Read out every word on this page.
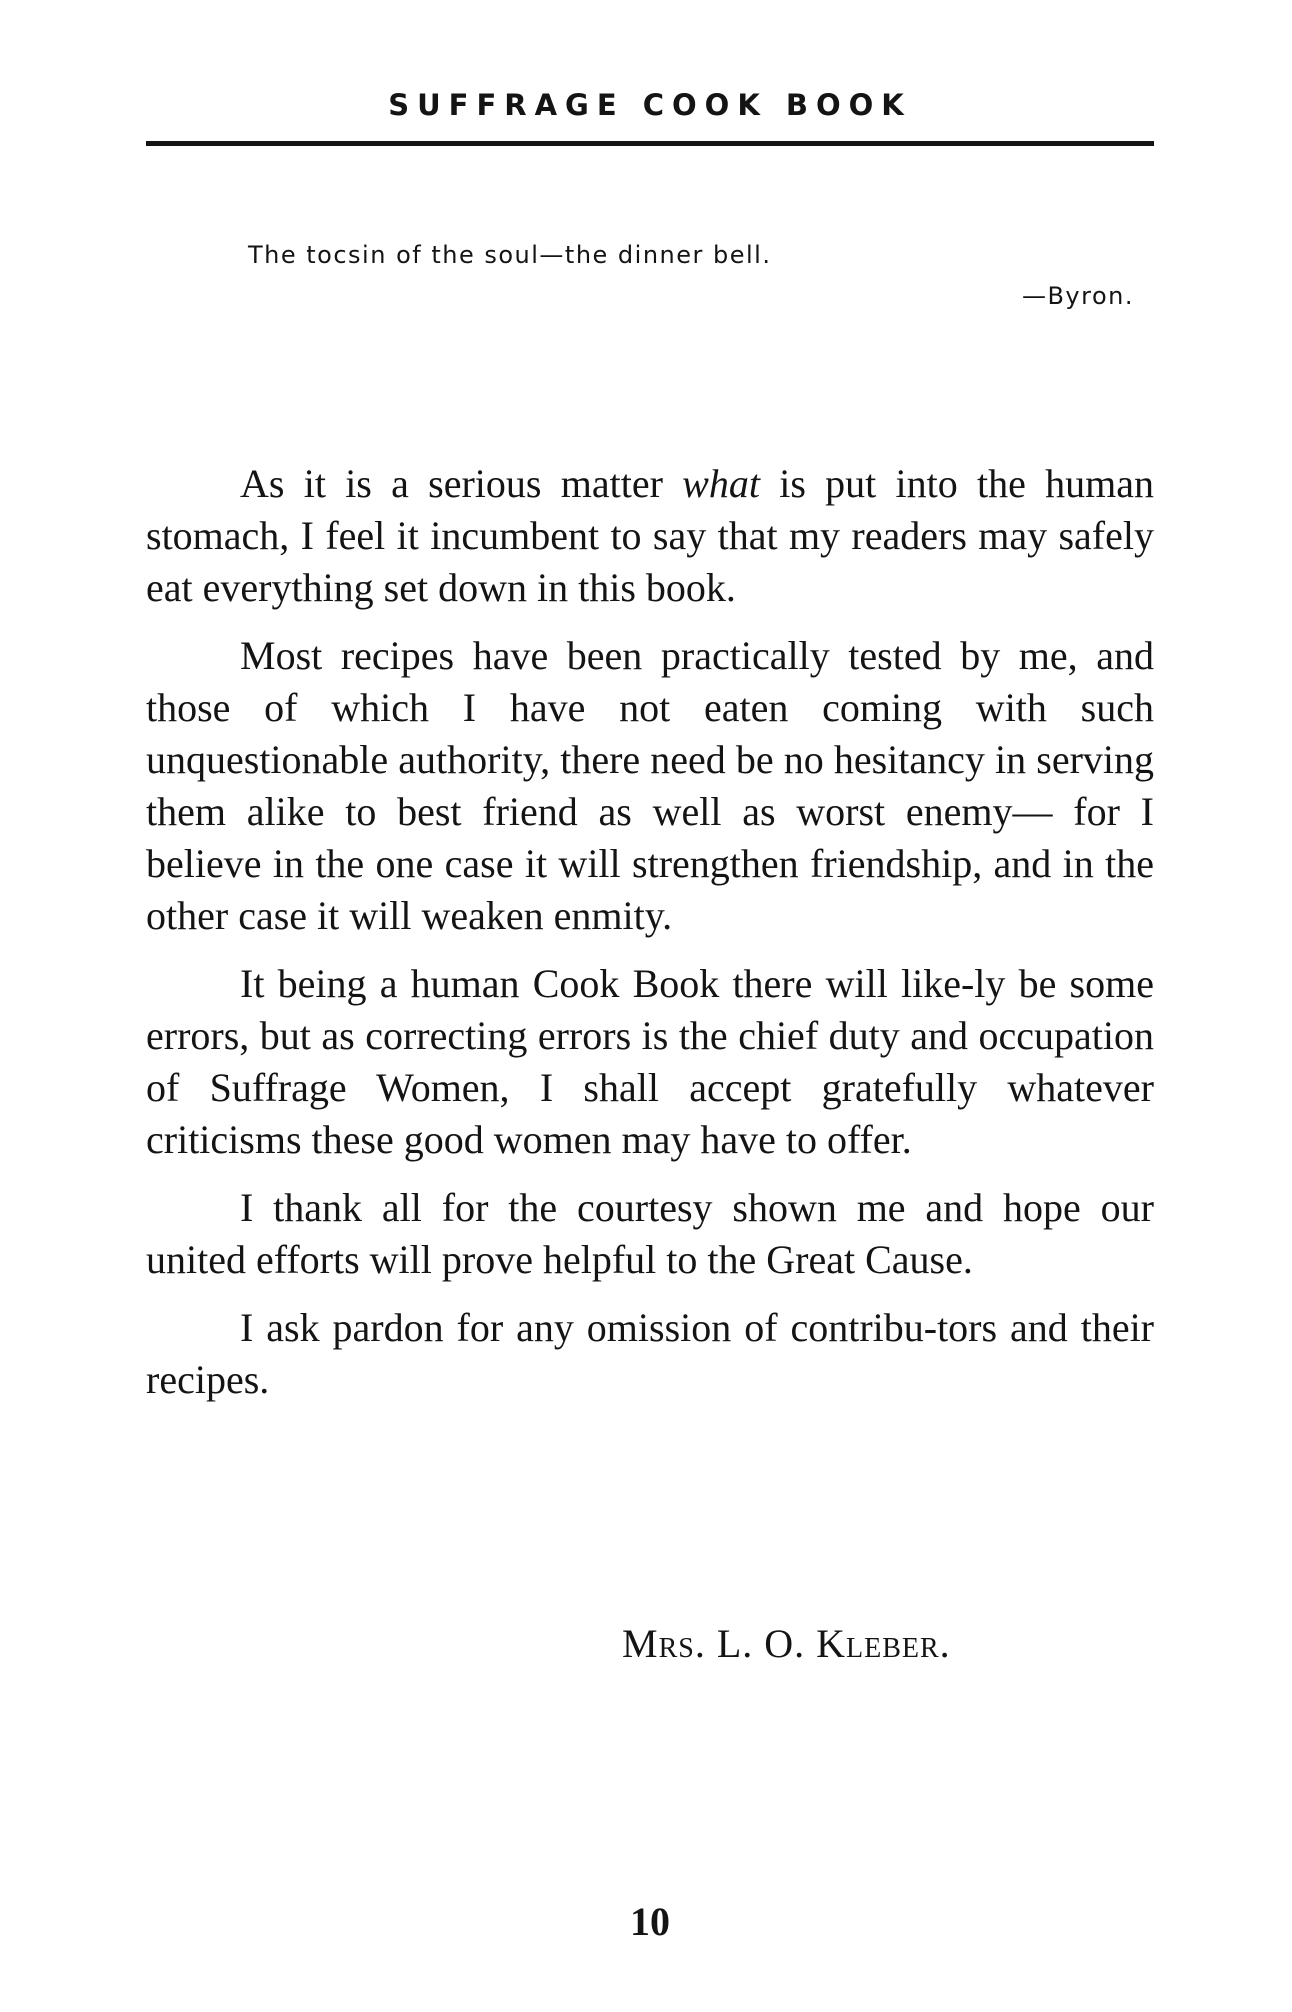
SUFFRAGE COOK BOOK
The tocsin of the soul—the dinner bell.
—Byron.

As it is a serious matter what is put into the human stomach, I feel it incumbent to say that my readers may safely eat everything set down in this book.

Most recipes have been practically tested by me, and those of which I have not eaten coming with such unquestionable authority, there need be no hesitancy in serving them alike to best friend as well as worst enemy— for I believe in the one case it will strengthen friendship, and in the other case it will weaken enmity.

It being a human Cook Book there will like-ly be some errors, but as correcting errors is the chief duty and occupation of Suffrage Women, I shall accept gratefully whatever criticisms these good women may have to offer.

I thank all for the courtesy shown me and hope our united efforts will prove helpful to the Great Cause.

I ask pardon for any omission of contribu-tors and their recipes.

Mrs. L. O. Kleber.
10
